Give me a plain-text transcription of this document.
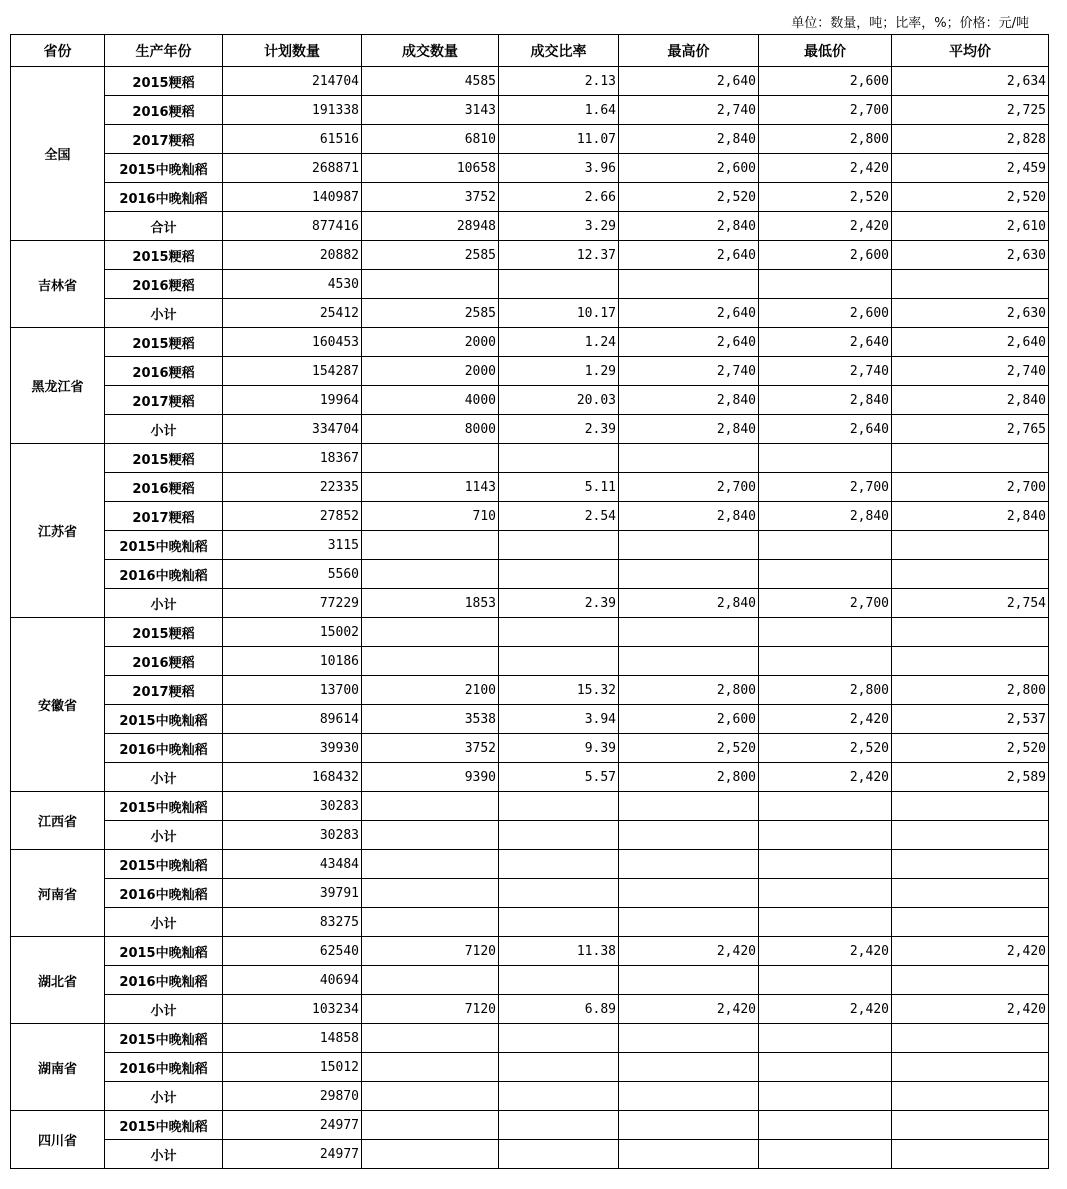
单位：数量，吨；比率，%；价格：元/吨
省份	生产年份	计划数量	成交数量	成交比率	最高价	最低价	平均价
全国	2015粳稻	214704	4585	2.13	2,640	2,600	2,634
	2016粳稻	191338	3143	1.64	2,740	2,700	2,725
	2017粳稻	61516	6810	11.07	2,840	2,800	2,828
	2015中晚籼稻	268871	10658	3.96	2,600	2,420	2,459
	2016中晚籼稻	140987	3752	2.66	2,520	2,520	2,520
	合计	877416	28948	3.29	2,840	2,420	2,610
吉林省	2015粳稻	20882	2585	12.37	2,640	2,600	2,630
	2016粳稻	4530					
	小计	25412	2585	10.17	2,640	2,600	2,630
黑龙江省	2015粳稻	160453	2000	1.24	2,640	2,640	2,640
	2016粳稻	154287	2000	1.29	2,740	2,740	2,740
	2017粳稻	19964	4000	20.03	2,840	2,840	2,840
	小计	334704	8000	2.39	2,840	2,640	2,765
江苏省	2015粳稻	18367					
	2016粳稻	22335	1143	5.11	2,700	2,700	2,700
	2017粳稻	27852	710	2.54	2,840	2,840	2,840
	2015中晚籼稻	3115					
	2016中晚籼稻	5560					
	小计	77229	1853	2.39	2,840	2,700	2,754
安徽省	2015粳稻	15002					
	2016粳稻	10186					
	2017粳稻	13700	2100	15.32	2,800	2,800	2,800
	2015中晚籼稻	89614	3538	3.94	2,600	2,420	2,537
	2016中晚籼稻	39930	3752	9.39	2,520	2,520	2,520
	小计	168432	9390	5.57	2,800	2,420	2,589
江西省	2015中晚籼稻	30283					
	小计	30283					
河南省	2015中晚籼稻	43484					
	2016中晚籼稻	39791					
	小计	83275					
湖北省	2015中晚籼稻	62540	7120	11.38	2,420	2,420	2,420
	2016中晚籼稻	40694					
	小计	103234	7120	6.89	2,420	2,420	2,420
湖南省	2015中晚籼稻	14858					
	2016中晚籼稻	15012					
	小计	29870					
四川省	2015中晚籼稻	24977					
	小计	24977					
